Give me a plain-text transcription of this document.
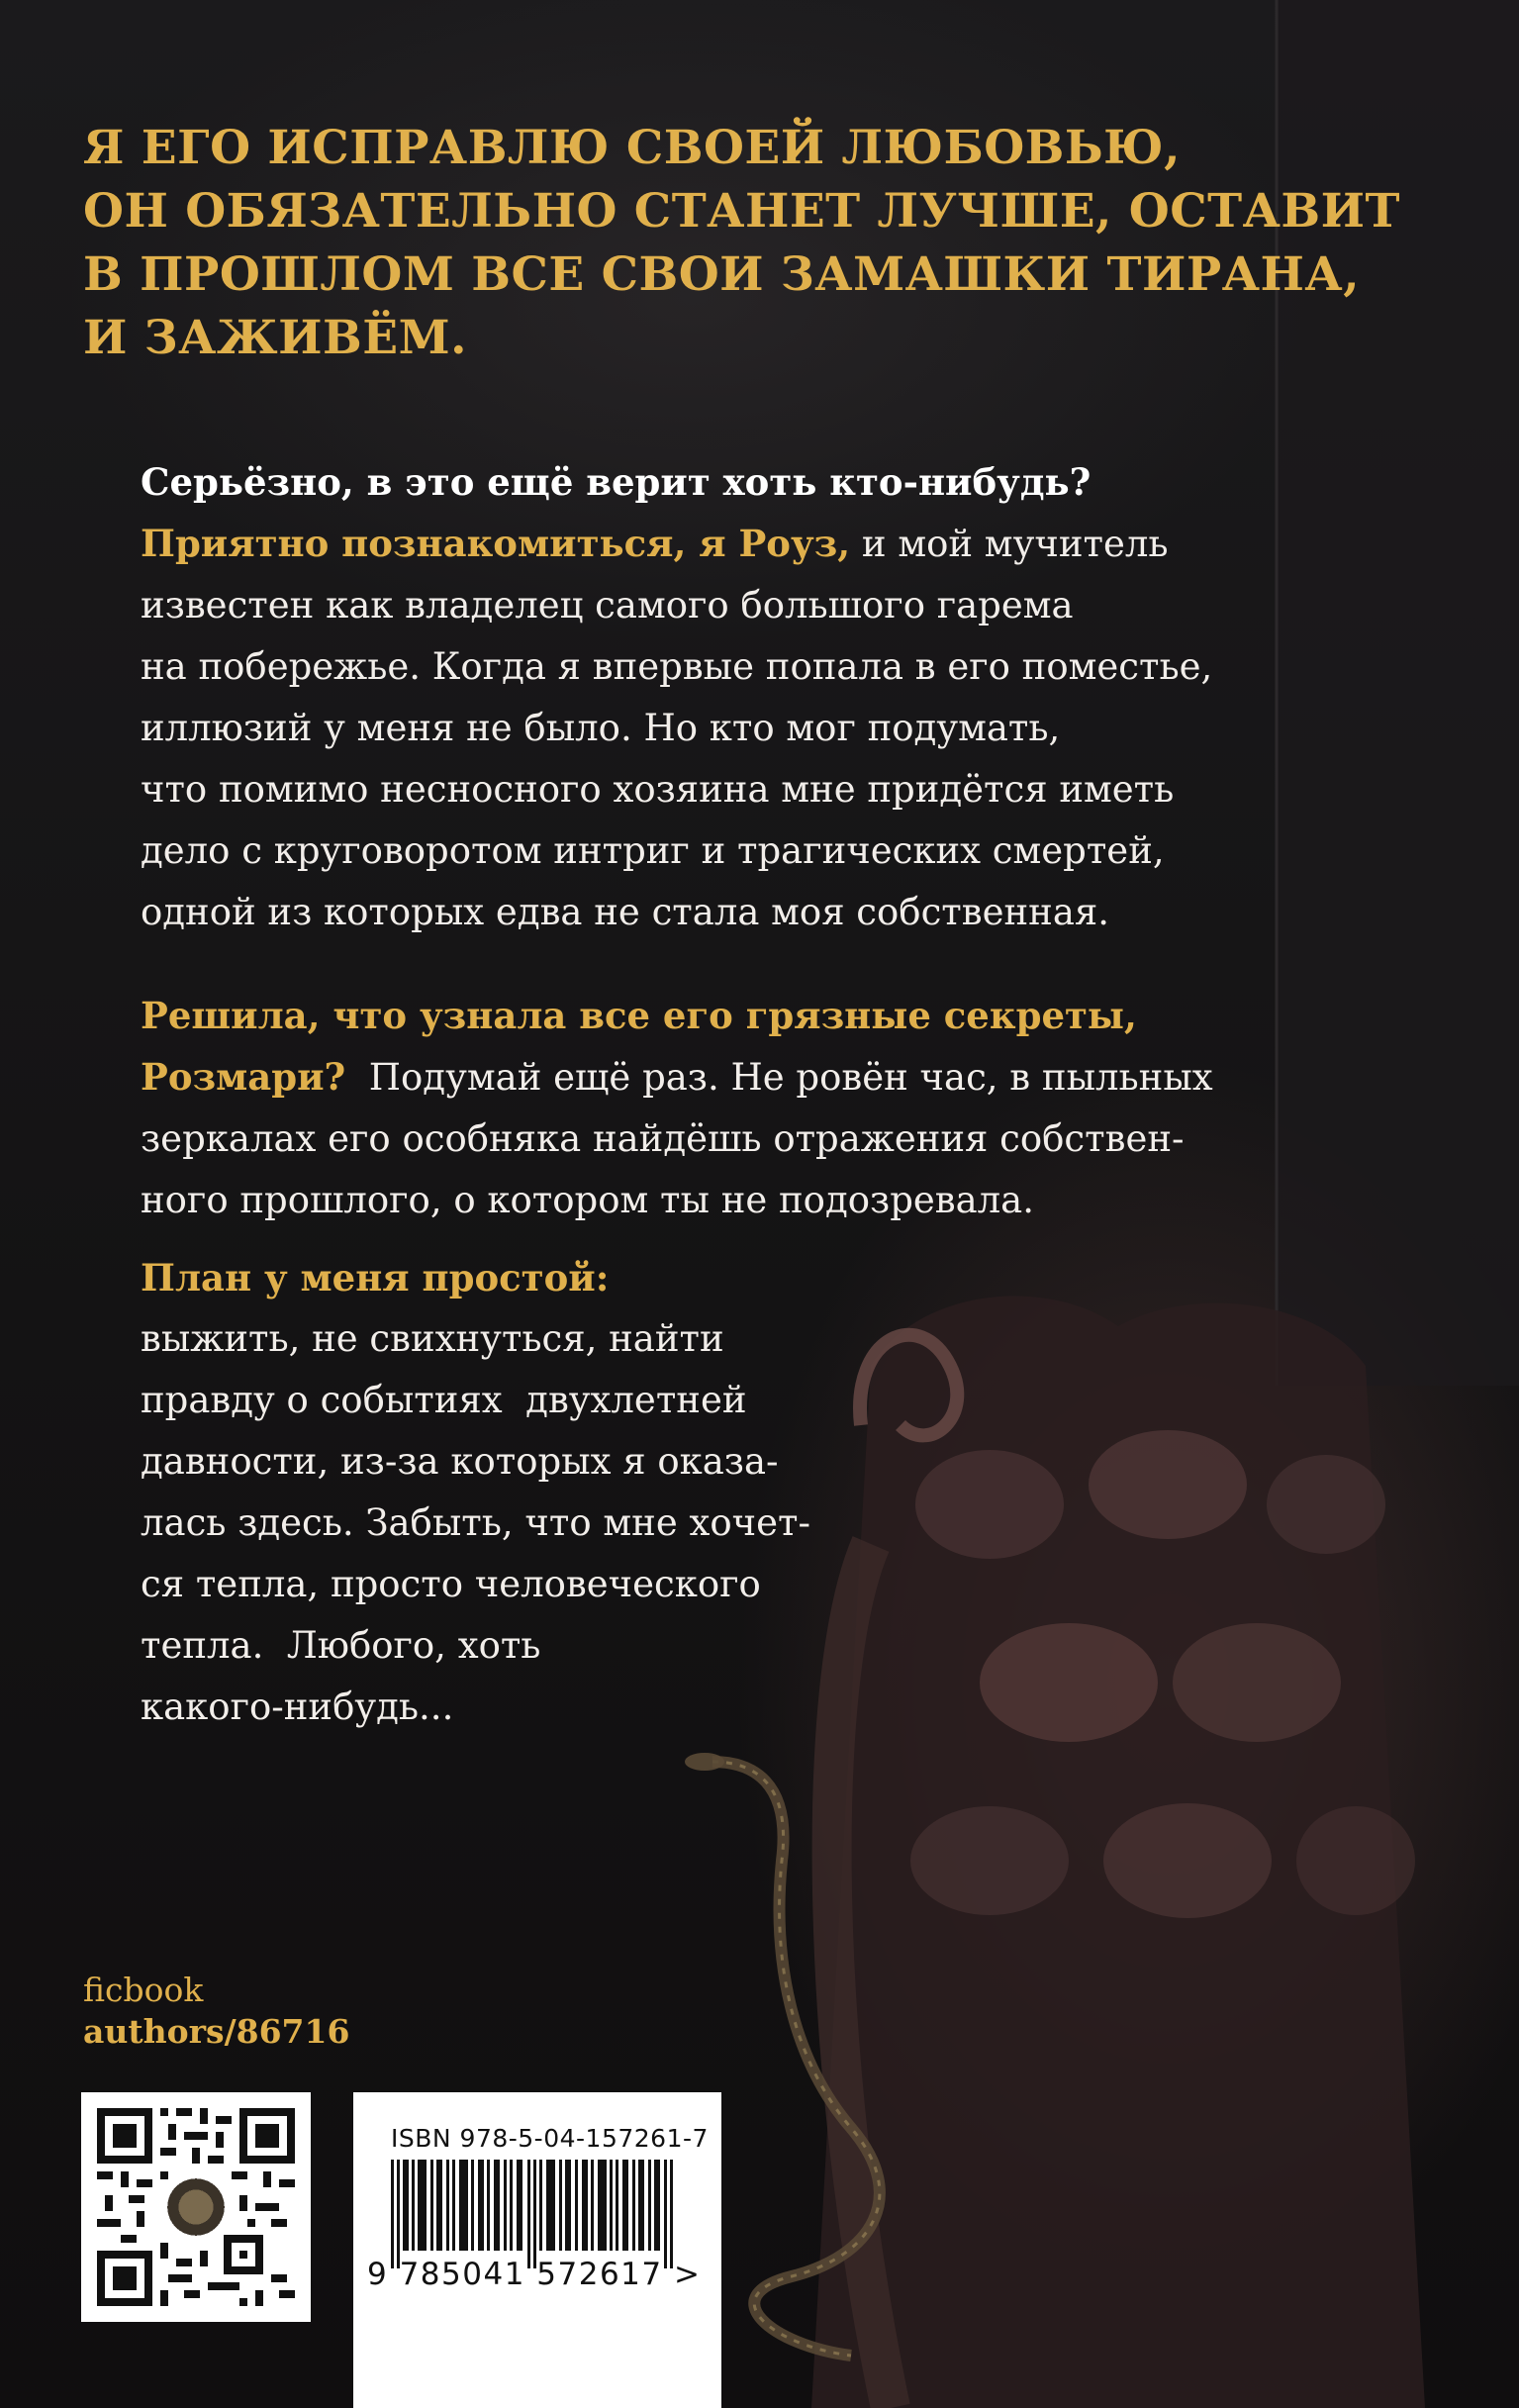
Я ЕГО ИСПРАВЛЮ СВОЕЙ ЛЮБОВЬЮ,
ОН ОБЯЗАТЕЛЬНО СТАНЕТ ЛУЧШЕ, ОСТАВИТ
В ПРОШЛОМ ВСЕ СВОИ ЗАМАШКИ ТИРАНА,
И ЗАЖИВЁМ.
Серьёзно, в это ещё верит хоть кто-нибудь?
Приятно познакомиться, я Роуз, и мой мучитель
известен как владелец самого большого гарема
на побережье. Когда я впервые попала в его поместье,
иллюзий у меня не было. Но кто мог подумать,
что помимо несносного хозяина мне придётся иметь
дело с круговоротом интриг и трагических смертей,
одной из которых едва не стала моя собственная.
Решила, что узнала все его грязные секреты,
Розмари?  Подумай ещё раз. Не ровён час, в пыльных
зеркалах его особняка найдёшь отражения собствен-
ного прошлого, о котором ты не подозревала.
План у меня простой:
выжить, не свихнуться, найти
правду о событиях  двухлетней
давности, из-за которых я оказа-
лась здесь. Забыть, что мне хочет-
ся тепла, просто человеческого
тепла.  Любого, хоть
какого-нибудь...

ficbook
authors/86716

ISBN 978-5-04-157261-7
9 785041 572617 >
